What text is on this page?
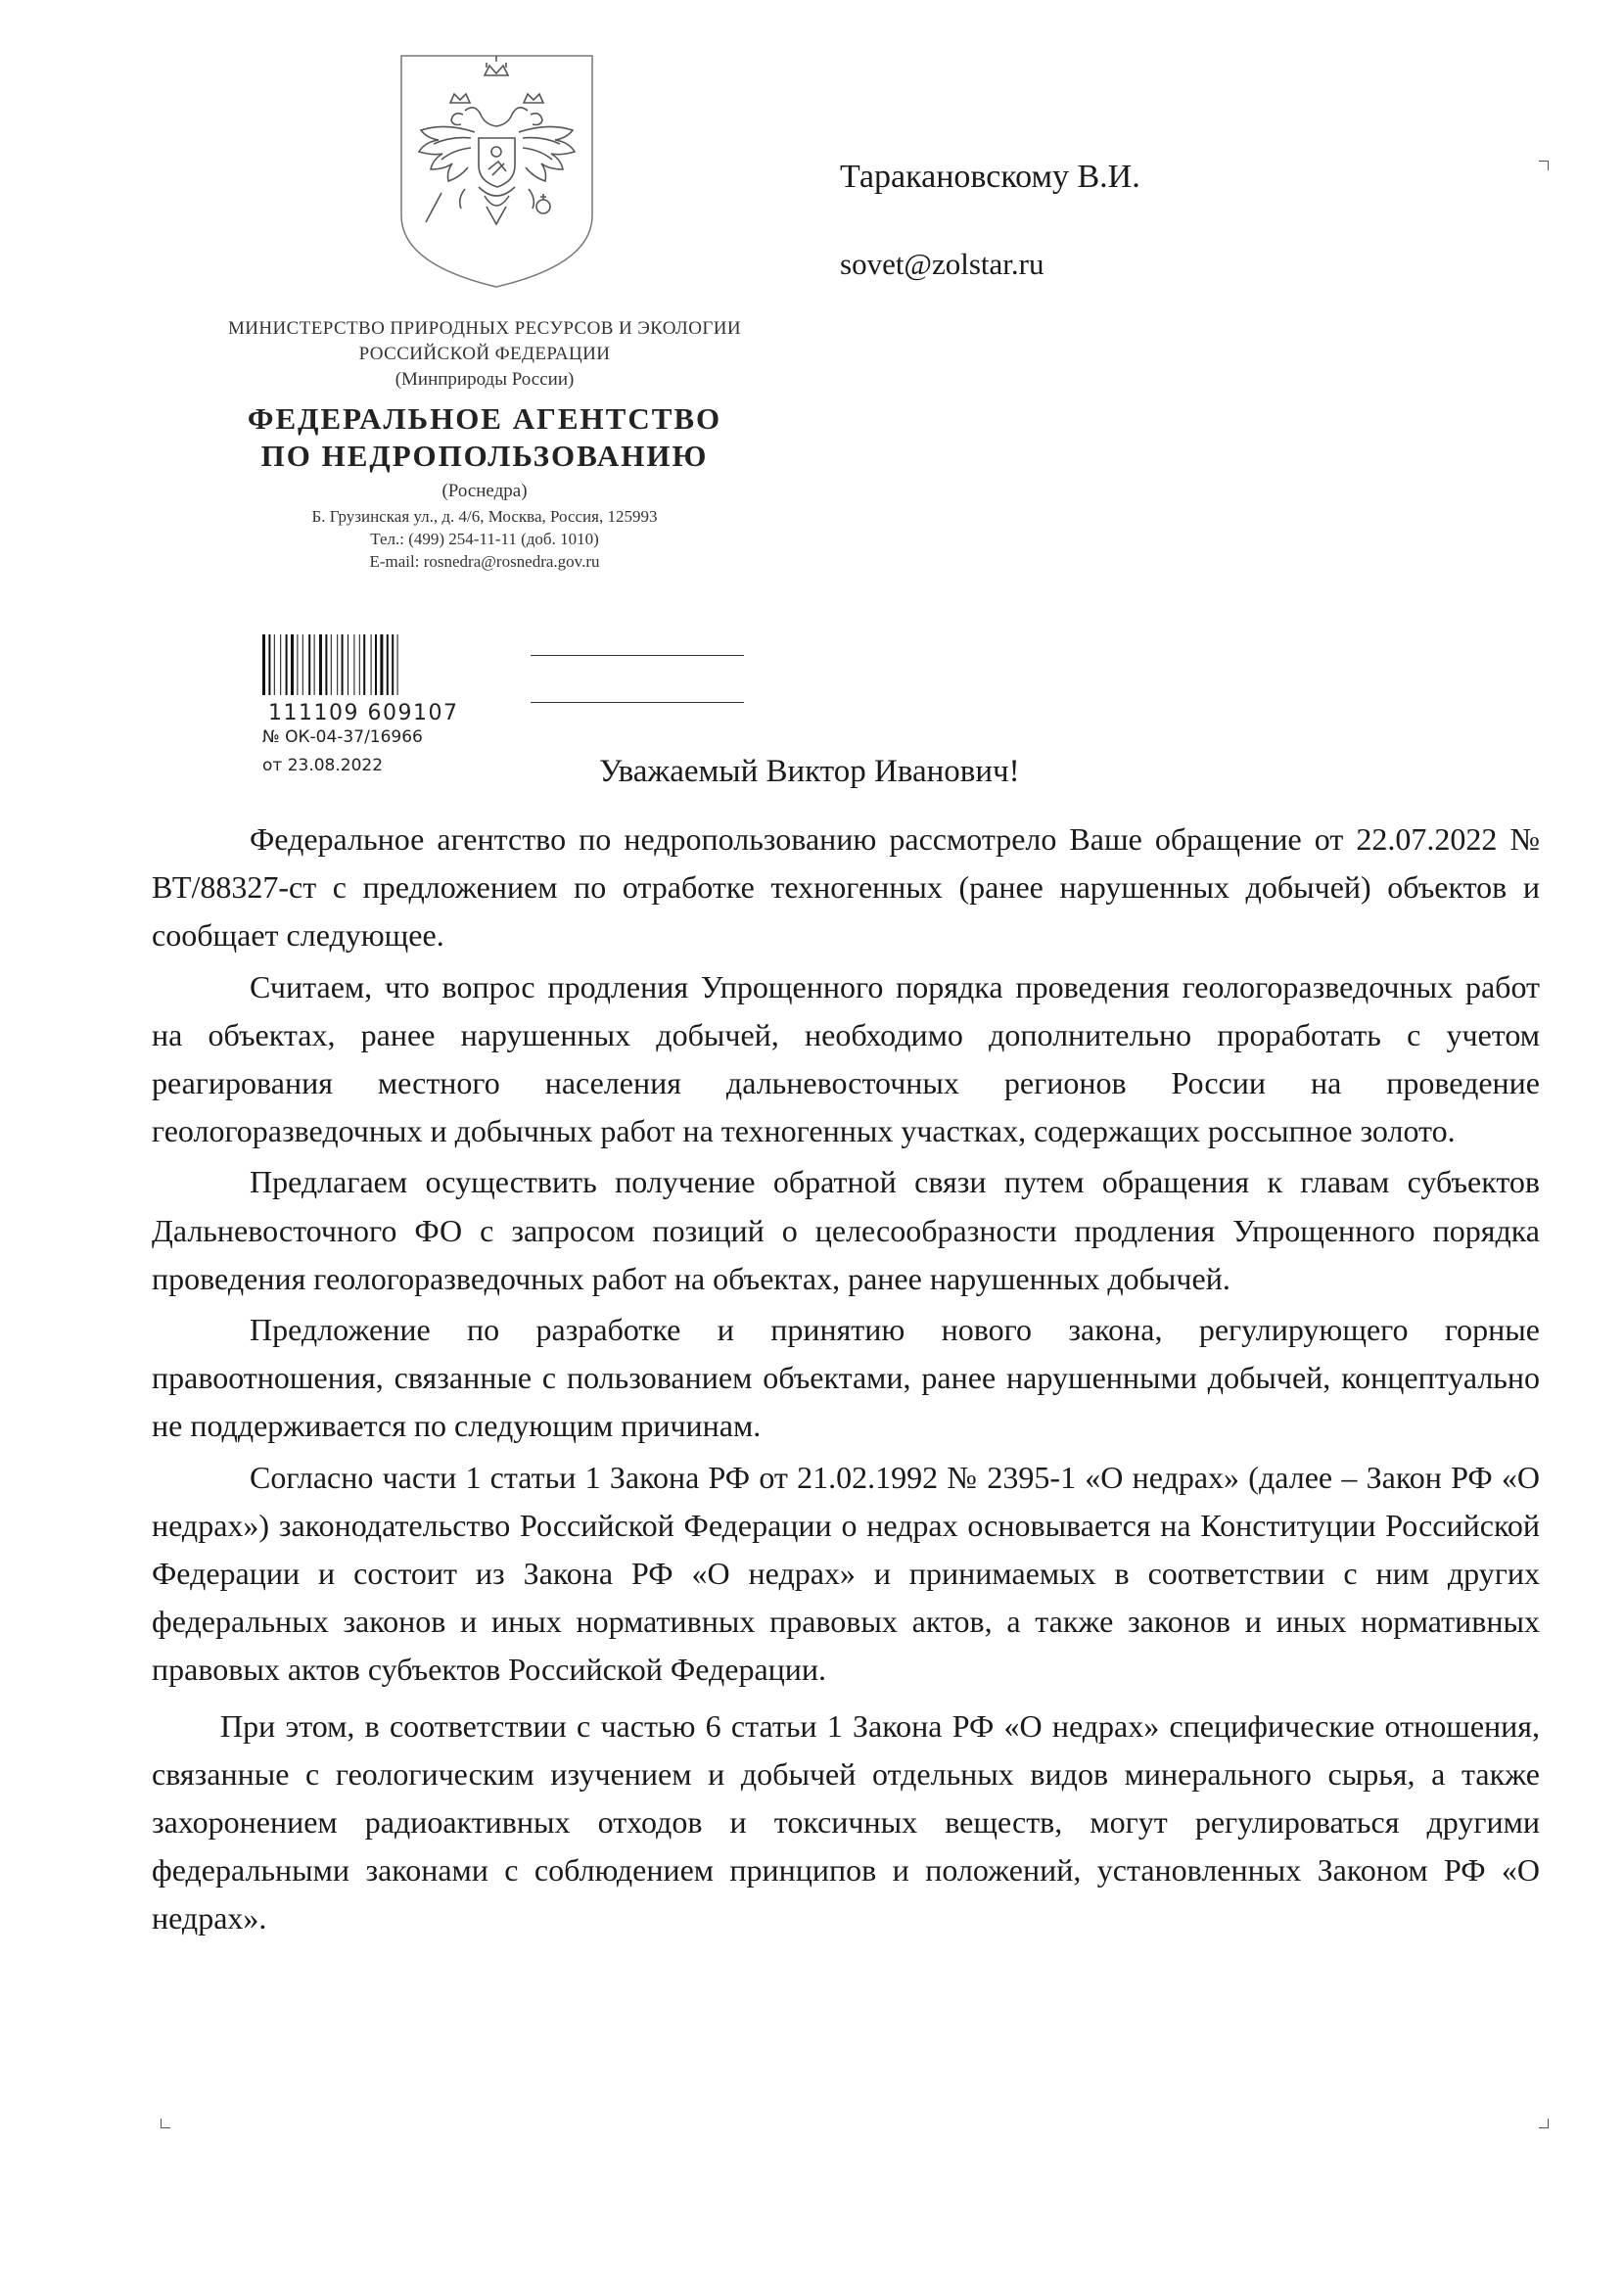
МИНИСТЕРСТВО ПРИРОДНЫХ РЕСУРСОВ И ЭКОЛОГИИ
РОССИЙСКОЙ ФЕДЕРАЦИИ
(Минприроды России)
ФЕДЕРАЛЬНОЕ АГЕНТСТВО
ПО НЕДРОПОЛЬЗОВАНИЮ
(Роснедра)
Б. Грузинская ул., д. 4/6, Москва, Россия, 125993
Тел.: (499) 254-11-11 (доб. 1010)
E-mail: rosnedra@rosnedra.gov.ru
111109 609107
№ ОК-04-37/16966
от 23.08.2022
Таракановскому В.И.
sovet@zolstar.ru
Уважаемый Виктор Иванович!

Федеральное агентство по недропользованию рассмотрело Ваше обращение от 22.07.2022 № ВТ/88327-ст с предложением по отработке техногенных (ранее нарушенных добычей) объектов и сообщает следующее.

Считаем, что вопрос продления Упрощенного порядка проведения геологоразведочных работ на объектах, ранее нарушенных добычей, необходимо дополнительно проработать с учетом реагирования местного населения дальневосточных регионов России на проведение геологоразведочных и добычных работ на техногенных участках, содержащих россыпное золото.

Предлагаем осуществить получение обратной связи путем обращения к главам субъектов Дальневосточного ФО с запросом позиций о целесообразности продления Упрощенного порядка проведения геологоразведочных работ на объектах, ранее нарушенных добычей.

Предложение по разработке и принятию нового закона, регулирующего горные правоотношения, связанные с пользованием объектами, ранее нарушенными добычей, концептуально не поддерживается по следующим причинам.

Согласно части 1 статьи 1 Закона РФ от 21.02.1992 № 2395-1 «О недрах» (далее – Закон РФ «О недрах») законодательство Российской Федерации о недрах основывается на Конституции Российской Федерации и состоит из Закона РФ «О недрах» и принимаемых в соответствии с ним других федеральных законов и иных нормативных правовых актов, а также законов и иных нормативных правовых актов субъектов Российской Федерации.

При этом, в соответствии с частью 6 статьи 1 Закона РФ «О недрах» специфические отношения, связанные с геологическим изучением и добычей отдельных видов минерального сырья, а также захоронением радиоактивных отходов и токсичных веществ, могут регулироваться другими федеральными законами с соблюдением принципов и положений, установленных Законом РФ «О недрах».
